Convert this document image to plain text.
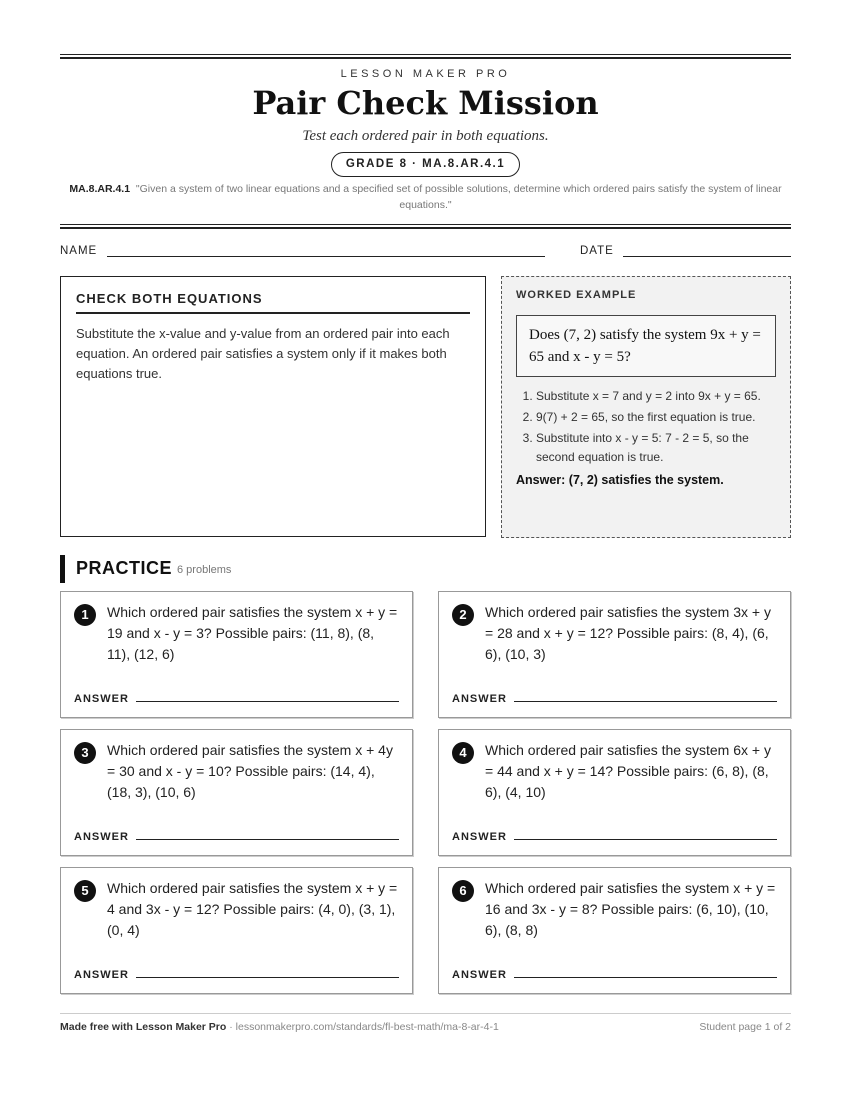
LESSON MAKER PRO
Pair Check Mission
Test each ordered pair in both equations.
GRADE 8 · MA.8.AR.4.1
MA.8.AR.4.1 "Given a system of two linear equations and a specified set of possible solutions, determine which ordered pairs satisfy the system of linear equations."
NAME	DATE
CHECK BOTH EQUATIONS

Substitute the x-value and y-value from an ordered pair into each equation. An ordered pair satisfies a system only if it makes both equations true.

WORKED EXAMPLE
Does (7, 2) satisfy the system 9x + y = 65 and x - y = 5?
1. Substitute x = 7 and y = 2 into 9x + y = 65.
2. 9(7) + 2 = 65, so the first equation is true.
3. Substitute into x - y = 5: 7 - 2 = 5, so the second equation is true.
Answer: (7, 2) satisfies the system.
PRACTICE 6 problems
1	Which ordered pair satisfies the system x + y = 19 and x - y = 3? Possible pairs: (11, 8), (8, 11), (12, 6)
ANSWER
2	Which ordered pair satisfies the system 3x + y = 28 and x + y = 12? Possible pairs: (8, 4), (6, 6), (10, 3)
ANSWER
3	Which ordered pair satisfies the system x + 4y = 30 and x - y = 10? Possible pairs: (14, 4), (18, 3), (10, 6)
ANSWER
4	Which ordered pair satisfies the system 6x + y = 44 and x + y = 14? Possible pairs: (6, 8), (8, 6), (4, 10)
ANSWER
5	Which ordered pair satisfies the system x + y = 4 and 3x - y = 12? Possible pairs: (4, 0), (3, 1), (0, 4)
ANSWER
6	Which ordered pair satisfies the system x + y = 16 and 3x - y = 8? Possible pairs: (6, 10), (10, 6), (8, 8)
ANSWER
Made free with Lesson Maker Pro · lessonmakerpro.com/standards/fl-best-math/ma-8-ar-4-1	Student page 1 of 2
